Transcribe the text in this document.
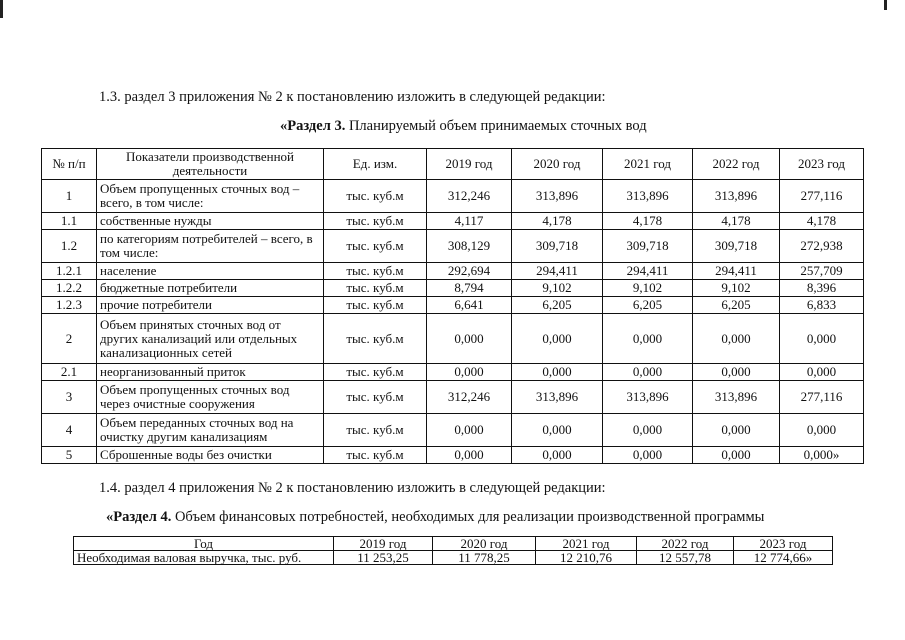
1.3. раздел 3 приложения № 2 к постановлению изложить в следующей редакции:
«Раздел 3. Планируемый объем принимаемых сточных вод
№ п/п	Показатели производственной деятельности	Ед. изм.	2019 год	2020 год	2021 год	2022 год	2023 год
1	Объем пропущенных сточных вод – всего, в том числе:	тыс. куб.м	312,246	313,896	313,896	313,896	277,116
1.1	собственные нужды	тыс. куб.м	4,117	4,178	4,178	4,178	4,178
1.2	по категориям потребителей – всего, в том числе:	тыс. куб.м	308,129	309,718	309,718	309,718	272,938
1.2.1	население	тыс. куб.м	292,694	294,411	294,411	294,411	257,709
1.2.2	бюджетные потребители	тыс. куб.м	8,794	9,102	9,102	9,102	8,396
1.2.3	прочие потребители	тыс. куб.м	6,641	6,205	6,205	6,205	6,833
2	Объем принятых сточных вод от других канализаций или отдельных канализационных сетей	тыс. куб.м	0,000	0,000	0,000	0,000	0,000
2.1	неорганизованный приток	тыс. куб.м	0,000	0,000	0,000	0,000	0,000
3	Объем пропущенных сточных вод через очистные сооружения	тыс. куб.м	312,246	313,896	313,896	313,896	277,116
4	Объем переданных сточных вод на очистку другим канализациям	тыс. куб.м	0,000	0,000	0,000	0,000	0,000
5	Сброшенные воды без очистки	тыс. куб.м	0,000	0,000	0,000	0,000	0,000»
1.4. раздел 4 приложения № 2 к постановлению изложить в следующей редакции:
«Раздел 4. Объем финансовых потребностей, необходимых для реализации производственной программы
Год	2019 год	2020 год	2021 год	2022 год	2023 год
Необходимая валовая выручка, тыс. руб.	11 253,25	11 778,25	12 210,76	12 557,78	12 774,66»
